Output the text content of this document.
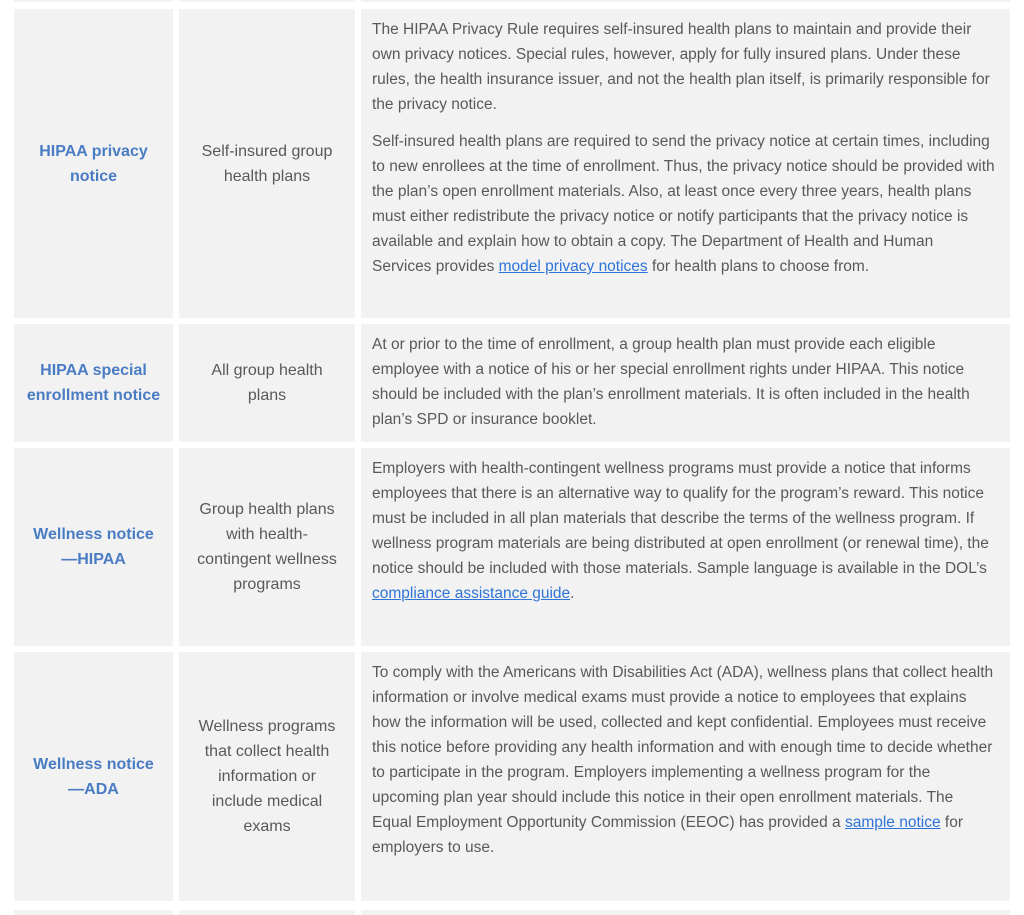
HIPAA privacy notice
Self-insured group health plans

The HIPAA Privacy Rule requires self-insured health plans to maintain and provide their own privacy notices. Special rules, however, apply for fully insured plans. Under these rules, the health insurance issuer, and not the health plan itself, is primarily responsible for the privacy notice.

Self-insured health plans are required to send the privacy notice at certain times, including to new enrollees at the time of enrollment. Thus, the privacy notice should be provided with the plan’s open enrollment materials. Also, at least once every three years, health plans must either redistribute the privacy notice or notify participants that the privacy notice is available and explain how to obtain a copy. The Department of Health and Human Services provides model privacy notices for health plans to choose from.

HIPAA special enrollment notice
All group health plans

At or prior to the time of enrollment, a group health plan must provide each eligible employee with a notice of his or her special enrollment rights under HIPAA. This notice should be included with the plan’s enrollment materials. It is often included in the health plan’s SPD or insurance booklet.

Wellness notice—HIPAA
Group health plans with health-contingent wellness programs

Employers with health-contingent wellness programs must provide a notice that informs employees that there is an alternative way to qualify for the program’s reward. This notice must be included in all plan materials that describe the terms of the wellness program. If wellness program materials are being distributed at open enrollment (or renewal time), the notice should be included with those materials. Sample language is available in the DOL’s compliance assistance guide.

Wellness notice—ADA
Wellness programs that collect health information or include medical exams

To comply with the Americans with Disabilities Act (ADA), wellness plans that collect health information or involve medical exams must provide a notice to employees that explains how the information will be used, collected and kept confidential. Employees must receive this notice before providing any health information and with enough time to decide whether to participate in the program. Employers implementing a wellness program for the upcoming plan year should include this notice in their open enrollment materials. The Equal Employment Opportunity Commission (EEOC) has provided a sample notice for employers to use.
